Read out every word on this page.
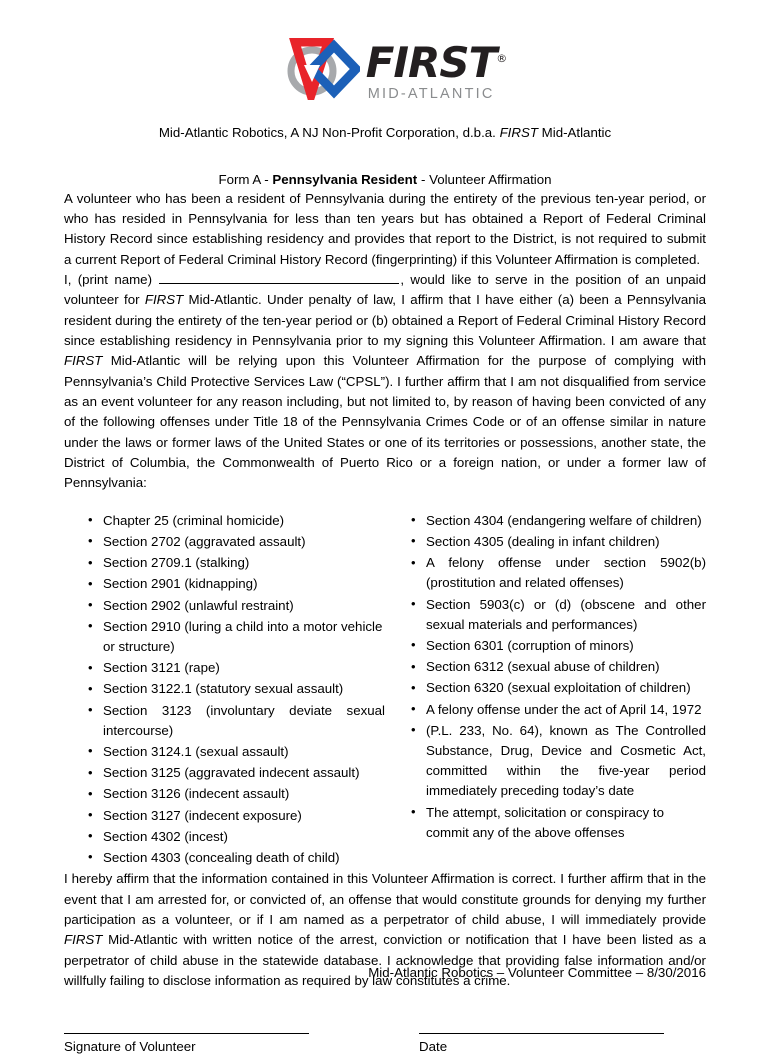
FIRST®
MID-ATLANTIC
Mid-Atlantic Robotics, A NJ Non-Profit Corporation, d.b.a. FIRST Mid-Atlantic
Form A - Pennsylvania Resident - Volunteer Affirmation

A volunteer who has been a resident of Pennsylvania during the entirety of the previous ten-year period, or who has resided in Pennsylvania for less than ten years but has obtained a Report of Federal Criminal History Record since establishing residency and provides that report to the District, is not required to submit a current Report of Federal Criminal History Record (fingerprinting) if this Volunteer Affirmation is completed.

I, (print name)	, would like to serve in the position of an unpaid volunteer for FIRST Mid-Atlantic. Under penalty of law, I affirm that I have either (a) been a Pennsylvania resident during the entirety of the ten-year period or (b) obtained a Report of Federal Criminal History Record since establishing residency in Pennsylvania prior to my signing this Volunteer Affirmation. I am aware that FIRST Mid-Atlantic will be relying upon this Volunteer Affirmation for the purpose of complying with Pennsylvania’s Child Protective Services Law (“CPSL”). I further affirm that I am not disqualified from service as an event volunteer for any reason including, but not limited to, by reason of having been convicted of any of the following offenses under Title 18 of the Pennsylvania Crimes Code or of an offense similar in nature under the laws or former laws of the United States or one of its territories or possessions, another state, the District of Columbia, the Commonwealth of Puerto Rico or a foreign nation, or under a former law of Pennsylvania:

• Chapter 25 (criminal homicide)
• Section 2702 (aggravated assault)
• Section 2709.1 (stalking)
• Section 2901 (kidnapping)
• Section 2902 (unlawful restraint)
• Section 2910 (luring a child into a motor vehicle or structure)
• Section 3121 (rape)
• Section 3122.1 (statutory sexual assault)
• Section 3123 (involuntary deviate sexual intercourse)
• Section 3124.1 (sexual assault)
• Section 3125 (aggravated indecent assault)
• Section 3126 (indecent assault)
• Section 3127 (indecent exposure)
• Section 4302 (incest)
• Section 4303 (concealing death of child)
• Section 4304 (endangering welfare of children)
• Section 4305 (dealing in infant children)
• A felony offense under section 5902(b) (prostitution and related offenses)
• Section 5903(c) or (d) (obscene and other sexual materials and performances)
• Section 6301 (corruption of minors)
• Section 6312 (sexual abuse of children)
• Section 6320 (sexual exploitation of children)
• A felony offense under the act of April 14, 1972
• (P.L. 233, No. 64), known as The Controlled Substance, Drug, Device and Cosmetic Act, committed within the five-year period immediately preceding today’s date
• The attempt, solicitation or conspiracy to commit any of the above offenses

I hereby affirm that the information contained in this Volunteer Affirmation is correct. I further affirm that in the event that I am arrested for, or convicted of, an offense that would constitute grounds for denying my further participation as a volunteer, or if I am named as a perpetrator of child abuse, I will immediately provide FIRST Mid-Atlantic with written notice of the arrest, conviction or notification that I have been listed as a perpetrator of child abuse in the statewide database. I acknowledge that providing false information and/or willfully failing to disclose information as required by law constitutes a crime.

Signature of Volunteer	Date
Mid-Atlantic Robotics – Volunteer Committee – 8/30/2016
